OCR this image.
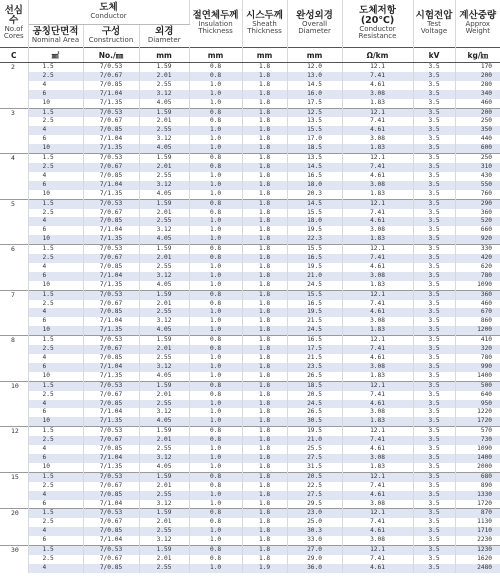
선심수
No.of
Cores	도체
Conductor			절연체두께
Insulation
Thickness	시스두께
Sheath
Thickness	완성외경
Overall
Diameter	도체저항 (20℃)
Conductor
Resistance	시험전압
Test
Voltage	계산중량
Approx
Weight

	공칭단면적
Nominal Area	구성
Construction	외경
Diameter						

C	㎟	No./㎜	mm	mm	mm	mm	Ω/km	kV	kg/㎞
2	1.5	7/0.53	1.59	0.8	1.8	12.0	12.1	3.5	170
	2.5	7/0.67	2.01	0.8	1.8	13.0	7.41	3.5	200
	4	7/0.85	2.55	1.0	1.8	14.5	4.61	3.5	280
	6	7/1.04	3.12	1.0	1.8	16.0	3.08	3.5	340
	10	7/1.35	4.05	1.0	1.8	17.5	1.83	3.5	460
3	1.5	7/0.53	1.59	0.8	1.8	12.5	12.1	3.5	200
	2.5	7/0.67	2.01	0.8	1.8	13.5	7.41	3.5	250
	4	7/0.85	2.55	1.0	1.8	15.5	4.61	3.5	350
	6	7/1.04	3.12	1.0	1.8	17.0	3.08	3.5	440
	10	7/1.35	4.05	1.0	1.8	18.5	1.83	3.5	600
4	1.5	7/0.53	1.59	0.8	1.8	13.5	12.1	3.5	250
	2.5	7/0.67	2.01	0.8	1.8	14.5	7.41	3.5	310
	4	7/0.85	2.55	1.0	1.8	16.5	4.61	3.5	430
	6	7/1.04	3.12	1.0	1.8	18.0	3.08	3.5	550
	10	7/1.35	4.05	1.0	1.8	20.3	1.83	3.5	760
5	1.5	7/0.53	1.59	0.8	1.8	14.5	12.1	3.5	290
	2.5	7/0.67	2.01	0.8	1.8	15.5	7.41	3.5	360
	4	7/0.85	2.55	1.0	1.8	18.0	4.61	3.5	520
	6	7/1.04	3.12	1.0	1.8	19.5	3.08	3.5	660
	10	7/1.35	4.05	1.0	1.8	22.3	1.83	3.5	920
6	1.5	7/0.53	1.59	0.8	1.8	15.5	12.1	3.5	330
	2.5	7/0.67	2.01	0.8	1.8	16.5	7.41	3.5	420
	4	7/0.85	2.55	1.0	1.8	19.5	4.61	3.5	620
	6	7/1.04	3.12	1.0	1.8	21.0	3.08	3.5	780
	10	7/1.35	4.05	1.0	1.8	24.5	1.83	3.5	1090
7	1.5	7/0.53	1.59	0.8	1.8	15.5	12.1	3.5	360
	2.5	7/0.67	2.01	0.8	1.8	16.5	7.41	3.5	460
	4	7/0.85	2.55	1.0	1.8	19.5	4.61	3.5	670
	6	7/1.04	3.12	1.0	1.8	21.5	3.08	3.5	860
	10	7/1.35	4.05	1.0	1.8	24.5	1.83	3.5	1200
8	1.5	7/0.53	1.59	0.8	1.8	16.5	12.1	3.5	410
	2.5	7/0.67	2.01	0.8	1.8	17.5	7.41	3.5	320
	4	7/0.85	2.55	1.0	1.8	21.5	4.61	3.5	780
	6	7/1.04	3.12	1.0	1.8	23.5	3.08	3.5	990
	10	7/1.35	4.05	1.0	1.8	26.5	1.83	3.5	1400
10	1.5	7/0.53	1.59	0.8	1.8	18.5	12.1	3.5	500
	2.5	7/0.67	2.01	0.8	1.8	20.5	7.41	3.5	640
	4	7/0.85	2.55	1.0	1.8	24.5	4.61	3.5	950
	6	7/1.04	3.12	1.0	1.8	26.5	3.08	3.5	1220
	10	7/1.35	4.05	1.0	1.8	30.5	1.83	3.5	1720
12	1.5	7/0.53	1.59	0.8	1.8	19.5	12.1	3.5	570
	2.5	7/0.67	2.01	0.8	1.8	21.0	7.41	3.5	730
	4	7/0.85	2.55	1.0	1.8	25.5	4.61	3.5	1090
	6	7/1.04	3.12	1.0	1.8	27.5	3.08	3.5	1400
	10	7/1.35	4.05	1.0	1.8	31.5	1.83	3.5	2000
15	1.5	7/0.53	1.59	0.8	1.8	20.5	12.1	3.5	680
	2.5	7/0.67	2.01	0.8	1.8	22.5	7.41	3.5	890
	4	7/0.85	2.55	1.0	1.8	27.5	4.61	3.5	1330
	6	7/1.04	3.12	1.0	1.8	29.5	3.08	3.5	1720
20	1.5	7/0.53	1.59	0.8	1.8	23.0	12.1	3.5	870
	2.5	7/0.67	2.01	0.8	1.8	25.0	7.41	3.5	1130
	4	7/0.85	2.55	1.0	1.8	30.3	4.61	3.5	1710
	6	7/1.04	3.12	1.0	1.8	33.0	3.08	3.5	2230
30	1.5	7/0.53	1.59	0.8	1.8	27.0	12.1	3.5	1230
	2.5	7/0.67	2.01	0.8	1.8	29.0	7.41	3.5	1620
	4	7/0.85	2.55	1.0	1.9	36.0	4.61	3.5	2480
